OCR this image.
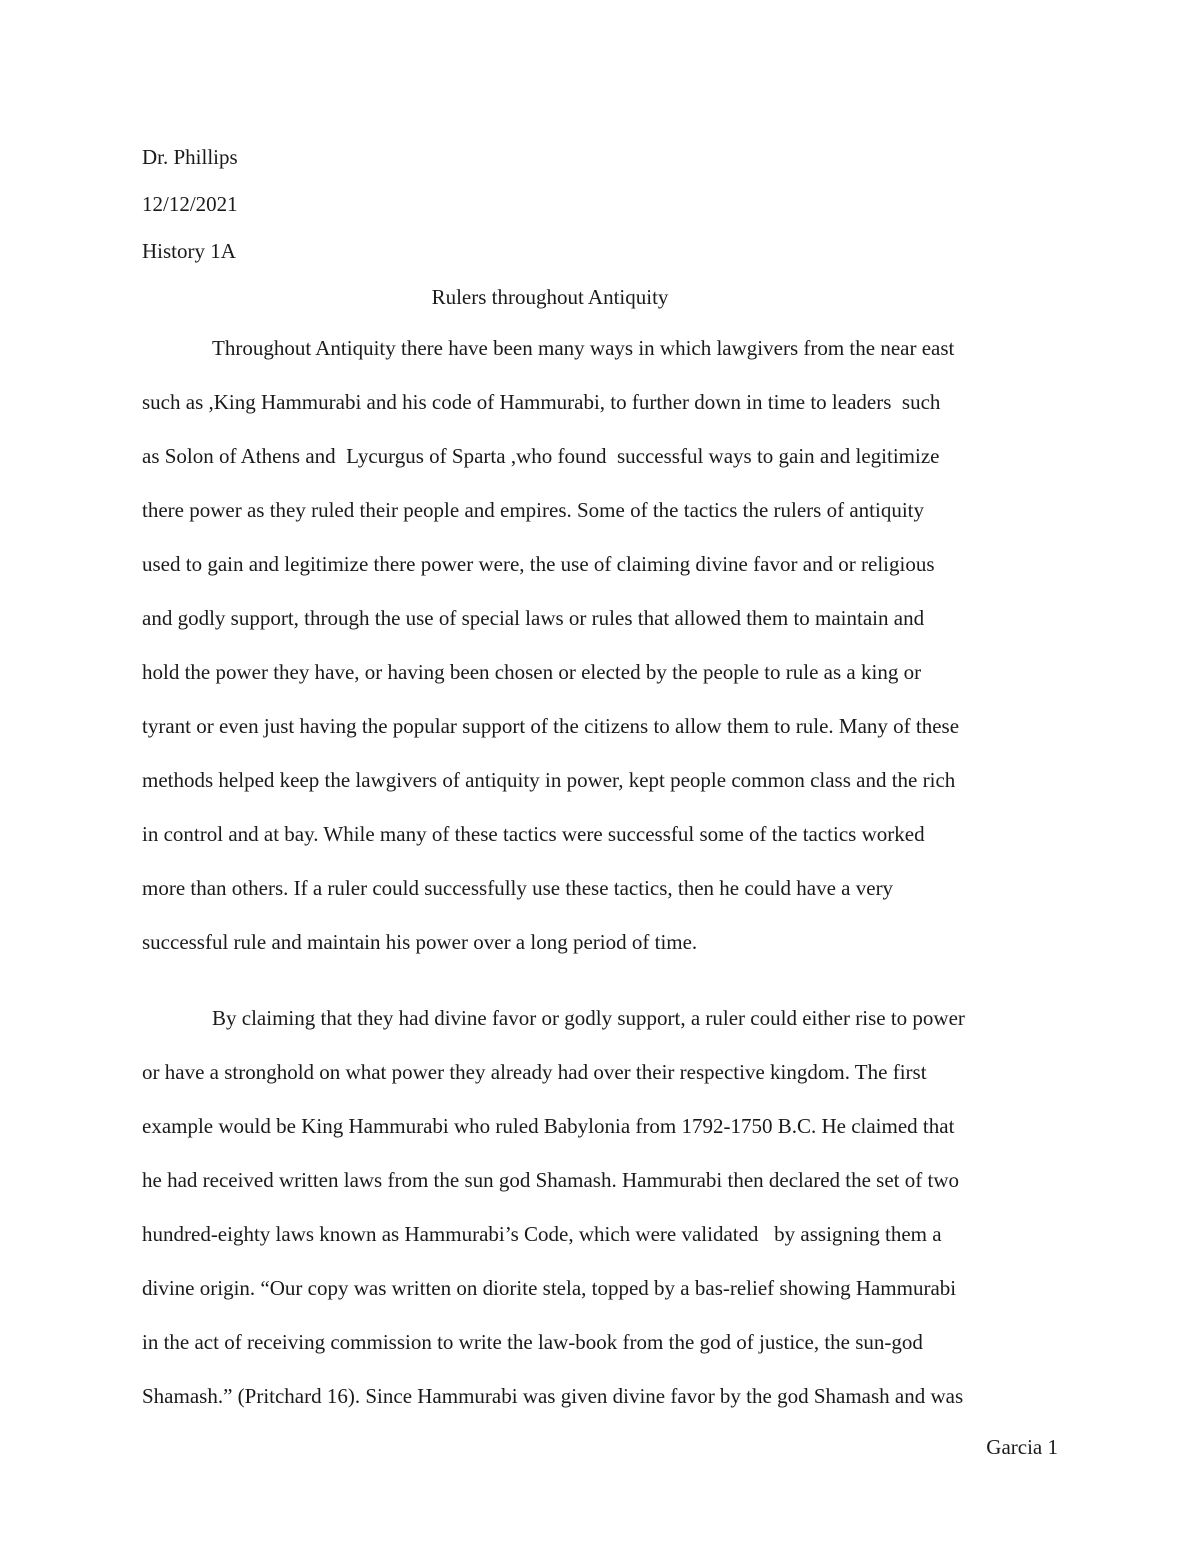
Dr. Phillips
12/12/2021
History 1A
Rulers throughout Antiquity
Throughout Antiquity there have been many ways in which lawgivers from the near east
such as ,King Hammurabi and his code of Hammurabi, to further down in time to leaders  such
as Solon of Athens and  Lycurgus of Sparta ,who found  successful ways to gain and legitimize
there power as they ruled their people and empires. Some of the tactics the rulers of antiquity
used to gain and legitimize there power were, the use of claiming divine favor and or religious
and godly support, through the use of special laws or rules that allowed them to maintain and
hold the power they have, or having been chosen or elected by the people to rule as a king or
tyrant or even just having the popular support of the citizens to allow them to rule. Many of these
methods helped keep the lawgivers of antiquity in power, kept people common class and the rich
in control and at bay. While many of these tactics were successful some of the tactics worked
more than others. If a ruler could successfully use these tactics, then he could have a very
successful rule and maintain his power over a long period of time.
By claiming that they had divine favor or godly support, a ruler could either rise to power
or have a stronghold on what power they already had over their respective kingdom. The first
example would be King Hammurabi who ruled Babylonia from 1792-1750 B.C. He claimed that
he had received written laws from the sun god Shamash. Hammurabi then declared the set of two
hundred-eighty laws known as Hammurabi’s Code, which were validated   by assigning them a
divine origin. “Our copy was written on diorite stela, topped by a bas-relief showing Hammurabi
in the act of receiving commission to write the law-book from the god of justice, the sun-god
Shamash.” (Pritchard 16). Since Hammurabi was given divine favor by the god Shamash and was
Garcia 1
